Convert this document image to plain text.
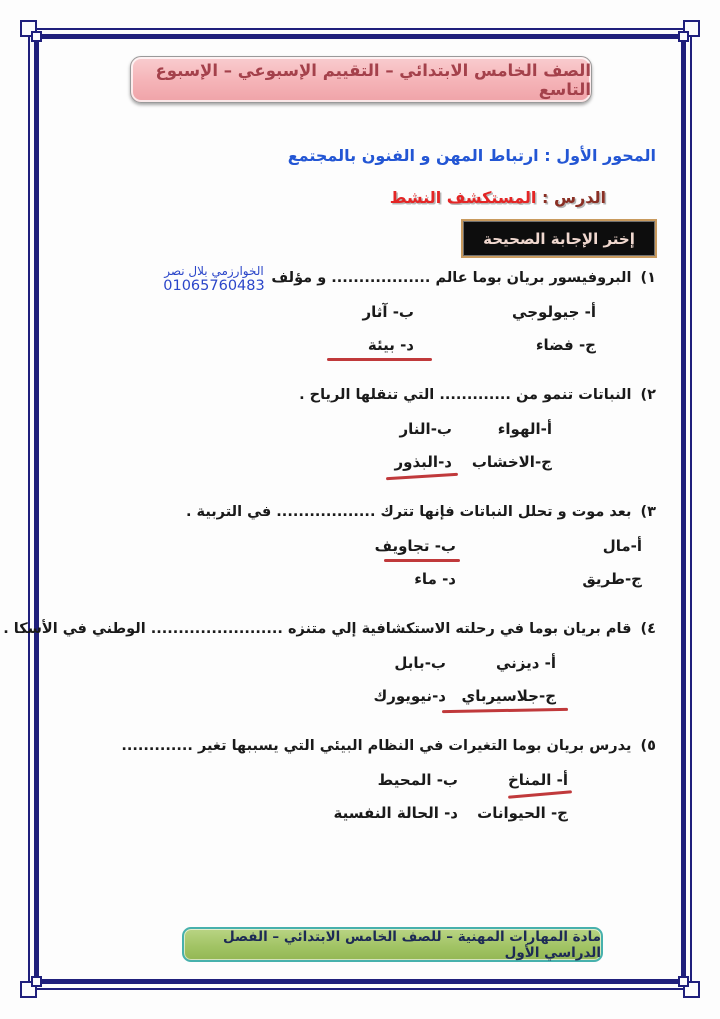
الصف الخامس الابتدائي – التقييم الإسبوعي – الإسبوع التاسع
المحور الأول : ارتباط المهن و الفنون بالمجتمع
الدرس : المستكشف النشط
إختر الإجابة الصحيحة
الخوارزمي بلال نصر
01065760483	١) البروفيسور بريان بوما عالم .................. و مؤلف
أ- جيولوجي
ب- آثار
ج- فضاء
د- بيئة
٢) النباتات تنمو من ............. التي تنقلها الرياح .
أ-الهواء
ب-النار
ج-الاخشاب
د-البذور
٣) بعد موت و تحلل النباتات فإنها تترك .................. في التربية .
أ-مال
ب- تجاويف
ج-طريق
د- ماء
٤) قام بريان بوما في رحلته الاستكشافية إلي متنزه ........................ الوطني في الأسكا .
أ- ديزني
ب-بابل
ج-جلاسيرباي
د-نيويورك
٥) يدرس بريان بوما التغيرات في النظام البيئي التي يسببها تغير .............
أ- المناخ
ب- المحيط
ج- الحيوانات
د- الحالة النفسية
مادة المهارات المهنية – للصف الخامس الابتدائي – الفصل الدراسي الأول
